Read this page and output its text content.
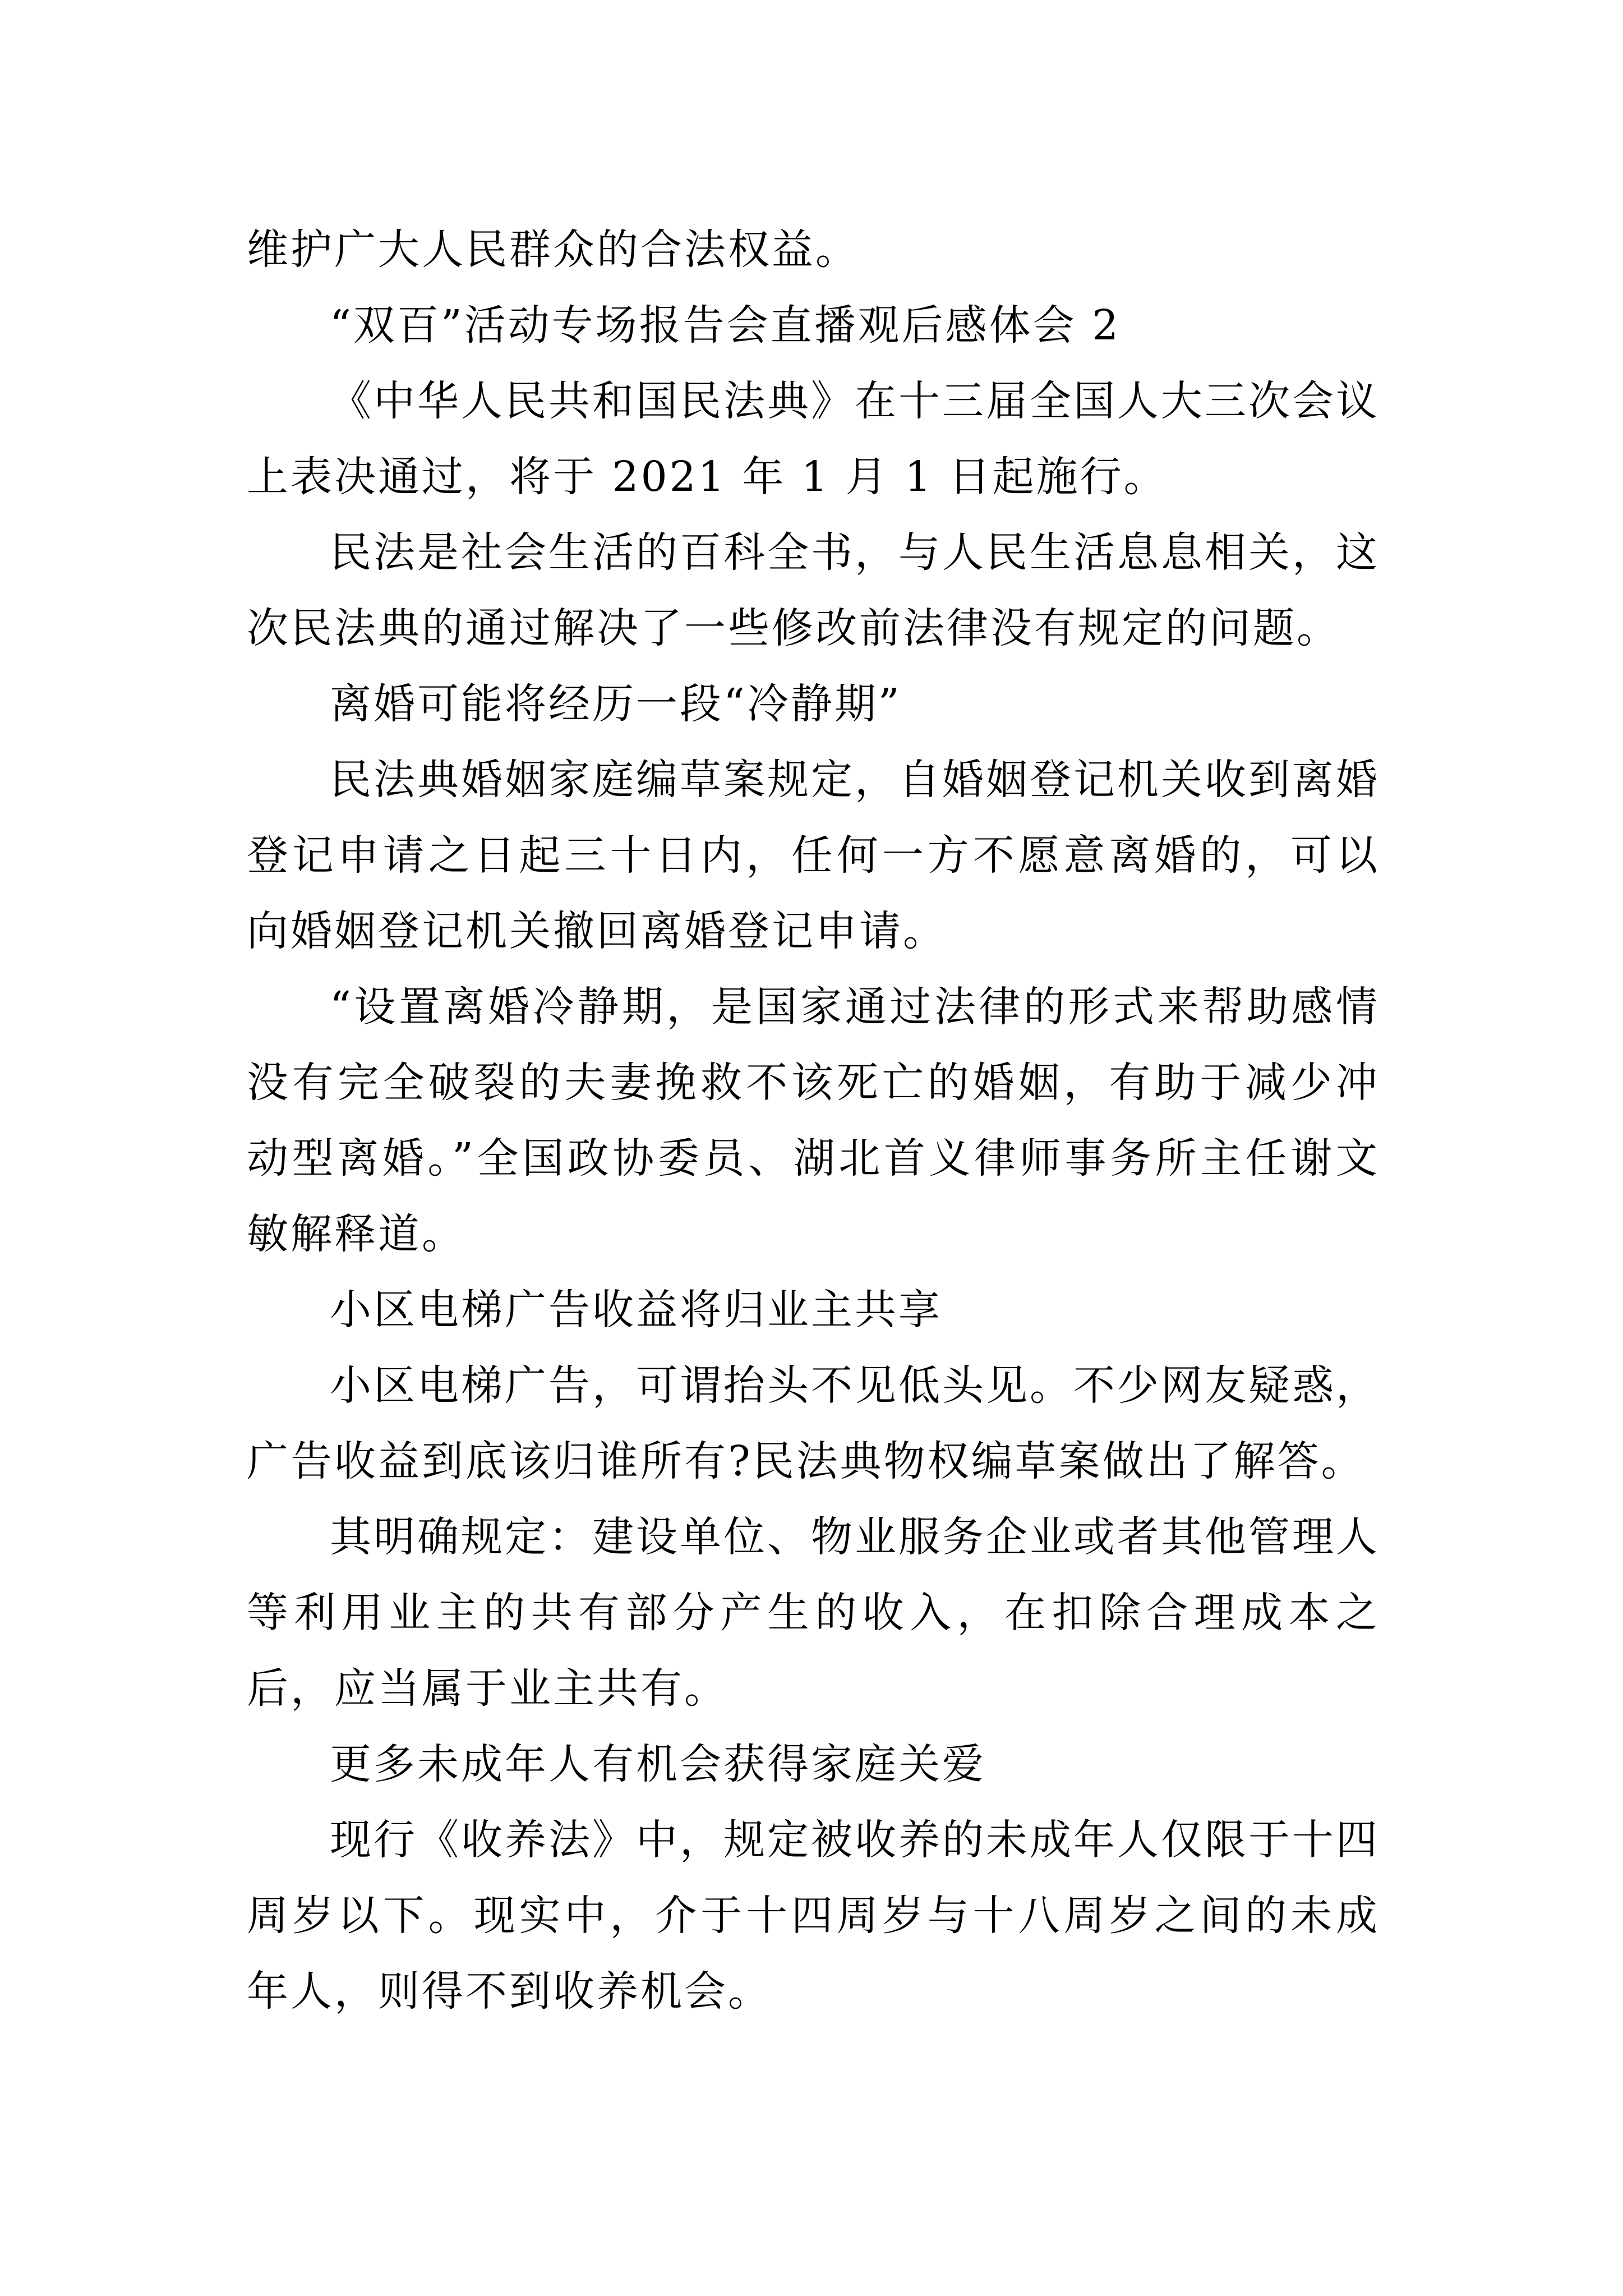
维护广大人民群众的合法权益。

“双百”活动专场报告会直播观后感体会 2

《中华人民共和国民法典》在十三届全国人大三次会议上表决通过，将于 2021 年 1 月 1 日起施行。

民法是社会生活的百科全书，与人民生活息息相关，这次民法典的通过解决了一些修改前法律没有规定的问题。

离婚可能将经历一段“冷静期”

民法典婚姻家庭编草案规定，自婚姻登记机关收到离婚登记申请之日起三十日内，任何一方不愿意离婚的，可以向婚姻登记机关撤回离婚登记申请。

“设置离婚冷静期，是国家通过法律的形式来帮助感情没有完全破裂的夫妻挽救不该死亡的婚姻，有助于减少冲动型离婚。”全国政协委员、湖北首义律师事务所主任谢文敏解释道。

小区电梯广告收益将归业主共享

小区电梯广告，可谓抬头不见低头见。不少网友疑惑，广告收益到底该归谁所有?民法典物权编草案做出了解答。

其明确规定：建设单位、物业服务企业或者其他管理人等利用业主的共有部分产生的收入，在扣除合理成本之后，应当属于业主共有。

更多未成年人有机会获得家庭关爱

现行《收养法》中，规定被收养的未成年人仅限于十四周岁以下。现实中，介于十四周岁与十八周岁之间的未成年人，则得不到收养机会。
